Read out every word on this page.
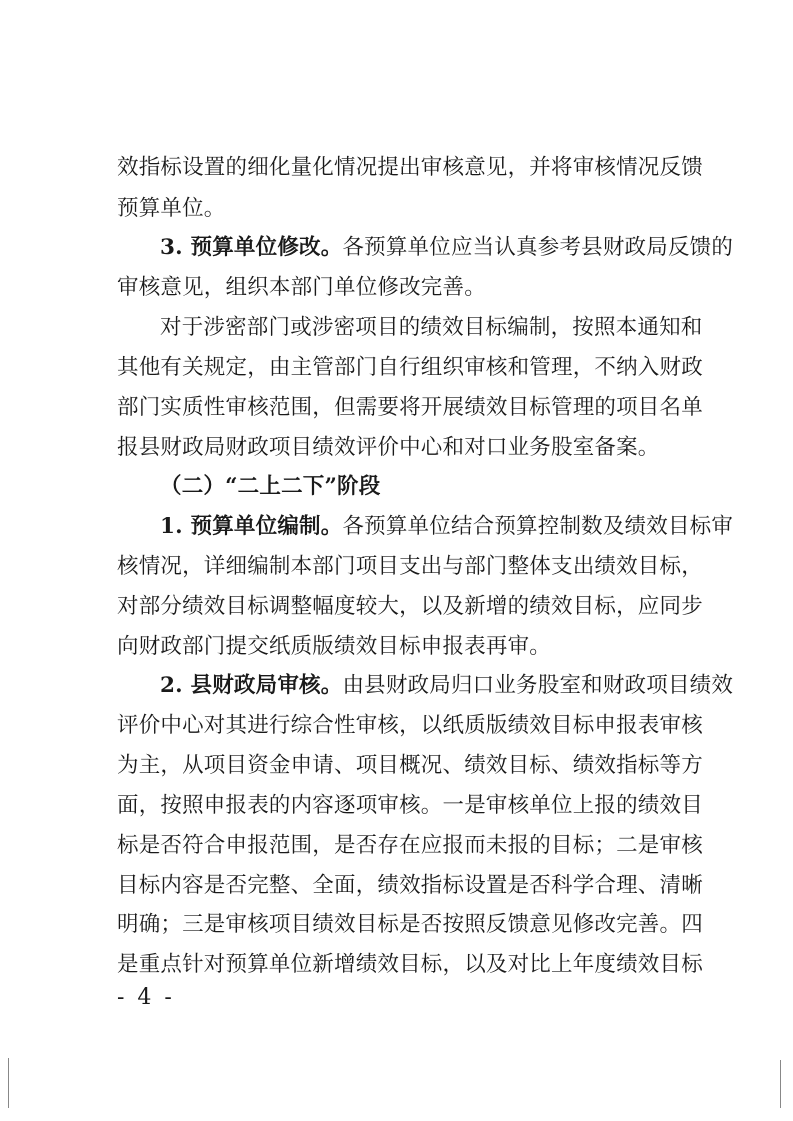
效指标设置的细化量化情况提出审核意见，并将审核情况反馈
预算单位。
3. 预算单位修改。各预算单位应当认真参考县财政局反馈的
审核意见，组织本部门单位修改完善。
对于涉密部门或涉密项目的绩效目标编制，按照本通知和
其他有关规定，由主管部门自行组织审核和管理，不纳入财政
部门实质性审核范围，但需要将开展绩效目标管理的项目名单
报县财政局财政项目绩效评价中心和对口业务股室备案。
（二）“二上二下”阶段
1. 预算单位编制。各预算单位结合预算控制数及绩效目标审
核情况，详细编制本部门项目支出与部门整体支出绩效目标，
对部分绩效目标调整幅度较大，以及新增的绩效目标，应同步
向财政部门提交纸质版绩效目标申报表再审。
2. 县财政局审核。由县财政局归口业务股室和财政项目绩效
评价中心对其进行综合性审核，以纸质版绩效目标申报表审核
为主，从项目资金申请、项目概况、绩效目标、绩效指标等方
面，按照申报表的内容逐项审核。一是审核单位上报的绩效目
标是否符合申报范围，是否存在应报而未报的目标；二是审核
目标内容是否完整、全面，绩效指标设置是否科学合理、清晰
明确；三是审核项目绩效目标是否按照反馈意见修改完善。四
是重点针对预算单位新增绩效目标，以及对比上年度绩效目标
- 4 -
